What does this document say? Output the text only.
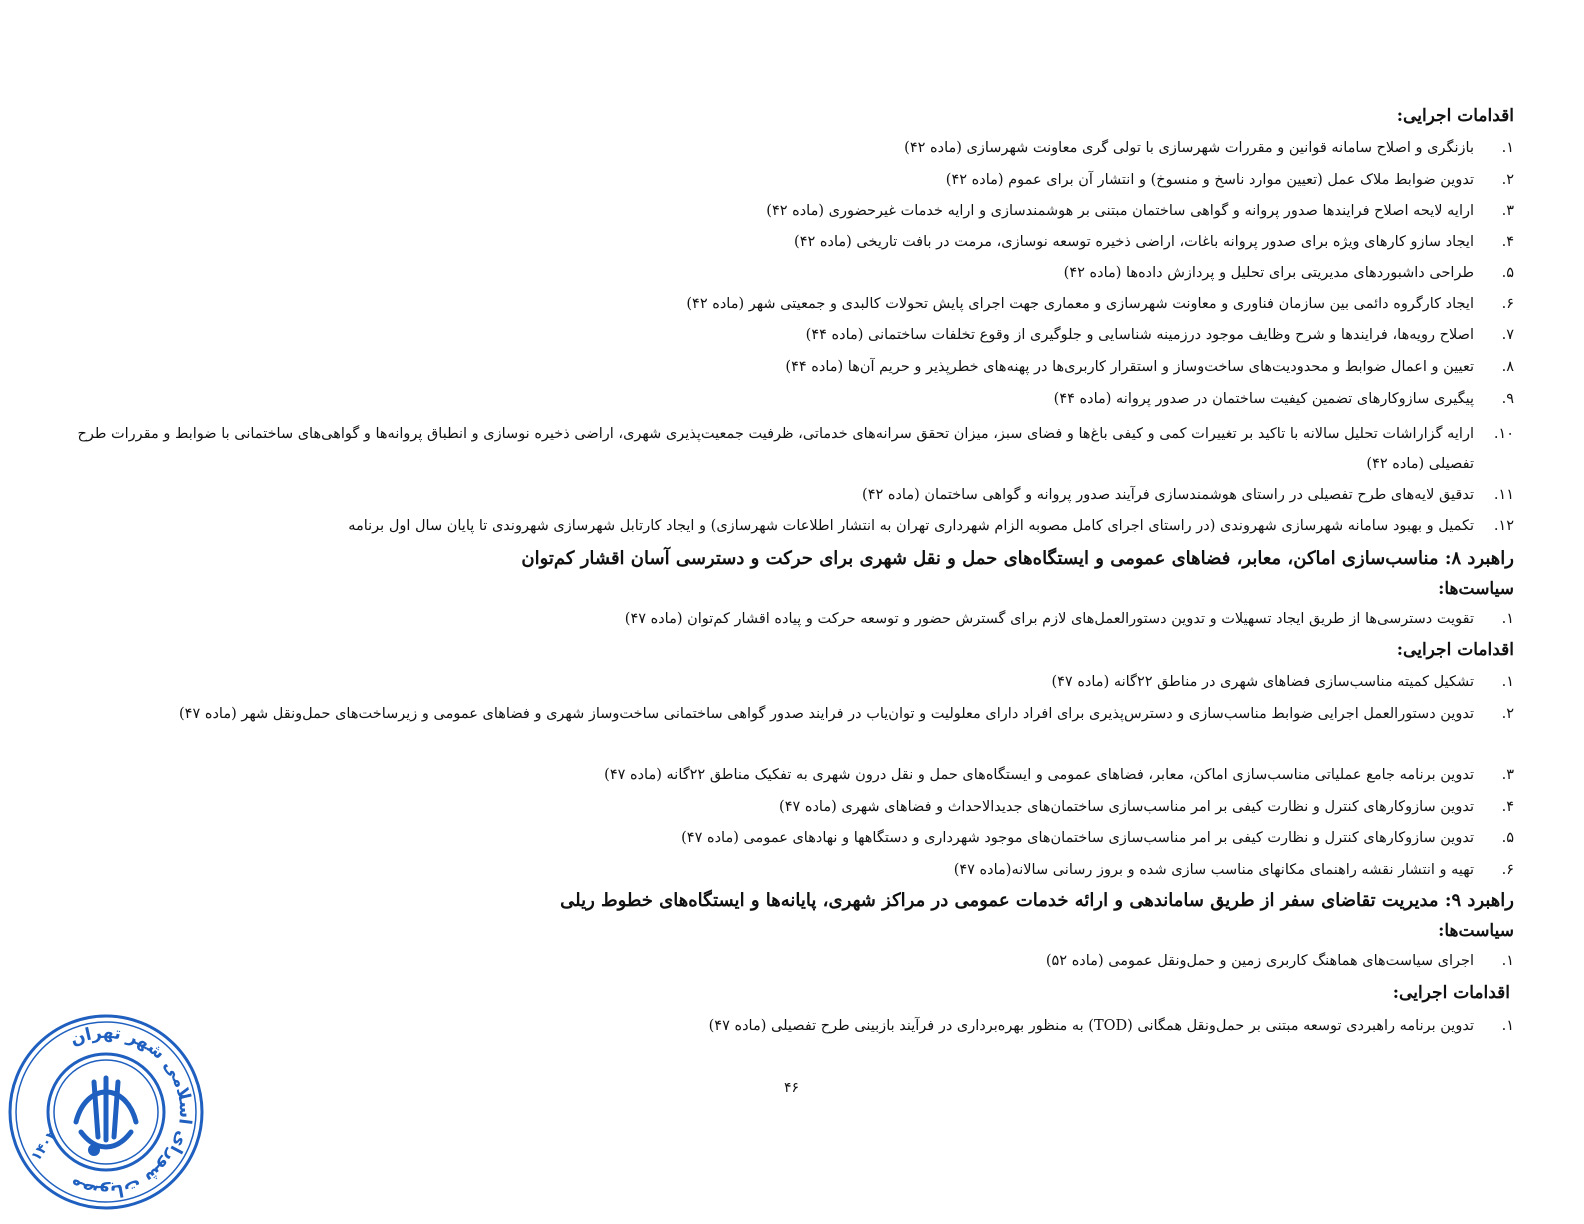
اقدامات اجرایی:
۱.
بازنگری و اصلاح سامانه قوانین و مقررات شهرسازی با تولی گری معاونت شهرسازی (ماده ۴۲)
۲.
تدوین ضوابط ملاک عمل (تعیین موارد ناسخ و منسوخ) و انتشار آن برای عموم (ماده ۴۲)
۳.
ارایه لایحه اصلاح فرایندها صدور پروانه و گواهی ساختمان مبتنی بر هوشمندسازی و ارایه خدمات غیرحضوری (ماده ۴۲)
۴.
ایجاد سازو کارهای ویژه برای صدور پروانه باغات، اراضی ذخیره توسعه نوسازی، مرمت در بافت تاریخی (ماده ۴۲)
۵.
طراحی داشبوردهای مدیریتی برای تحلیل و پردازش داده‌ها (ماده ۴۲)
۶.
ایجاد کارگروه دائمی بین سازمان فناوری و معاونت شهرسازی و معماری جهت اجرای پایش تحولات کالبدی و جمعیتی شهر (ماده ۴۲)
۷.
اصلاح رویه‌ها، فرایندها و شرح وظایف موجود درزمینه شناسایی و جلوگیری از وقوع تخلفات ساختمانی (ماده ۴۴)
۸.
تعیین و اعمال ضوابط و محدودیت‌های ساخت‌وساز و استقرار کاربری‌ها در پهنه‌های خطرپذیر و حریم آن‌ها (ماده ۴۴)
۹.
پیگیری سازوکارهای تضمین کیفیت ساختمان در صدور پروانه (ماده ۴۴)
۱۰.
ارایه گزاراشات تحلیل سالانه با تاکید بر تغییرات کمی و کیفی باغ‌ها و فضای سبز، میزان تحقق سرانه‌های خدماتی، ظرفیت جمعیت‌پذیری شهری، اراضی ذخیره نوسازی و انطباق پروانه‌ها و گواهی‌های ساختمانی با ضوابط و مقررات طرح تفصیلی (ماده ۴۲)
۱۱.
تدقیق لایه‌های طرح تفصیلی در راستای هوشمندسازی فرآیند صدور پروانه و گواهی ساختمان (ماده ۴۲)
۱۲.
تکمیل و بهبود سامانه شهرسازی شهروندی (در راستای اجرای کامل مصوبه الزام شهرداری تهران به انتشار اطلاعات شهرسازی) و ایجاد کارتابل شهرسازی شهروندی تا پایان سال اول برنامه
راهبرد ۸: مناسب‌سازی اماکن، معابر، فضاهای عمومی و ایستگاه‌های حمل و نقل شهری برای حرکت و دسترسی آسان اقشار کم‌توان
سیاست‌ها:
۱.
تقویت دسترسی‌ها از طریق ایجاد تسهیلات و تدوین دستورالعمل‌های لازم برای گسترش حضور و توسعه حرکت و پیاده اقشار کم‌توان (ماده ۴۷)
اقدامات اجرایی:
۱.
تشکیل کمیته مناسب‌سازی فضاهای شهری در مناطق ۲۲گانه (ماده ۴۷)
۲.
تدوین دستورالعمل اجرایی ضوابط مناسب‌سازی و دسترس‌پذیری برای افراد دارای معلولیت و توان‌یاب در فرایند صدور گواهی ساختمانی ساخت‌وساز شهری و فضاهای عمومی و زیرساخت‌های حمل‌ونقل شهر (ماده ۴۷)
۳.
تدوین برنامه جامع عملیاتی مناسب‌سازی اماکن، معابر، فضاهای عمومی و ایستگاه‌های حمل و نقل درون شهری به تفکیک مناطق ۲۲گانه (ماده ۴۷)
۴.
تدوین سازوکارهای کنترل و نظارت کیفی بر امر مناسب‌سازی ساختمان‌های جدیدالاحداث و فضاهای شهری (ماده ۴۷)
۵.
تدوین سازوکارهای کنترل و نظارت کیفی بر امر مناسب‌سازی ساختمان‌های موجود شهرداری و دستگاهها و نهادهای عمومی (ماده ۴۷)
۶.
تهیه و انتشار نقشه راهنمای مکانهای مناسب سازی شده و بروز رسانی سالانه(ماده ۴۷)
راهبرد ۹: مدیریت تقاضای سفر از طریق ساماندهی و ارائه خدمات عمومی در مراکز شهری، پایانه‌ها و ایستگاه‌های خطوط ریلی
سیاست‌ها:
۱.
اجرای سیاست‌های هماهنگ کاربری زمین و حمل‌ونقل عمومی (ماده ۵۲)
اقدامات اجرایی:
۱.
تدوین برنامه راهبردی توسعه مبتنی بر حمل‌ونقل همگانی (TOD) به منظور بهره‌برداری در فرآیند بازبینی طرح تفصیلی (ماده ۴۷)
۴۶
مصوبات شورای اسلامی شهر تهران
۱۴۰۲
